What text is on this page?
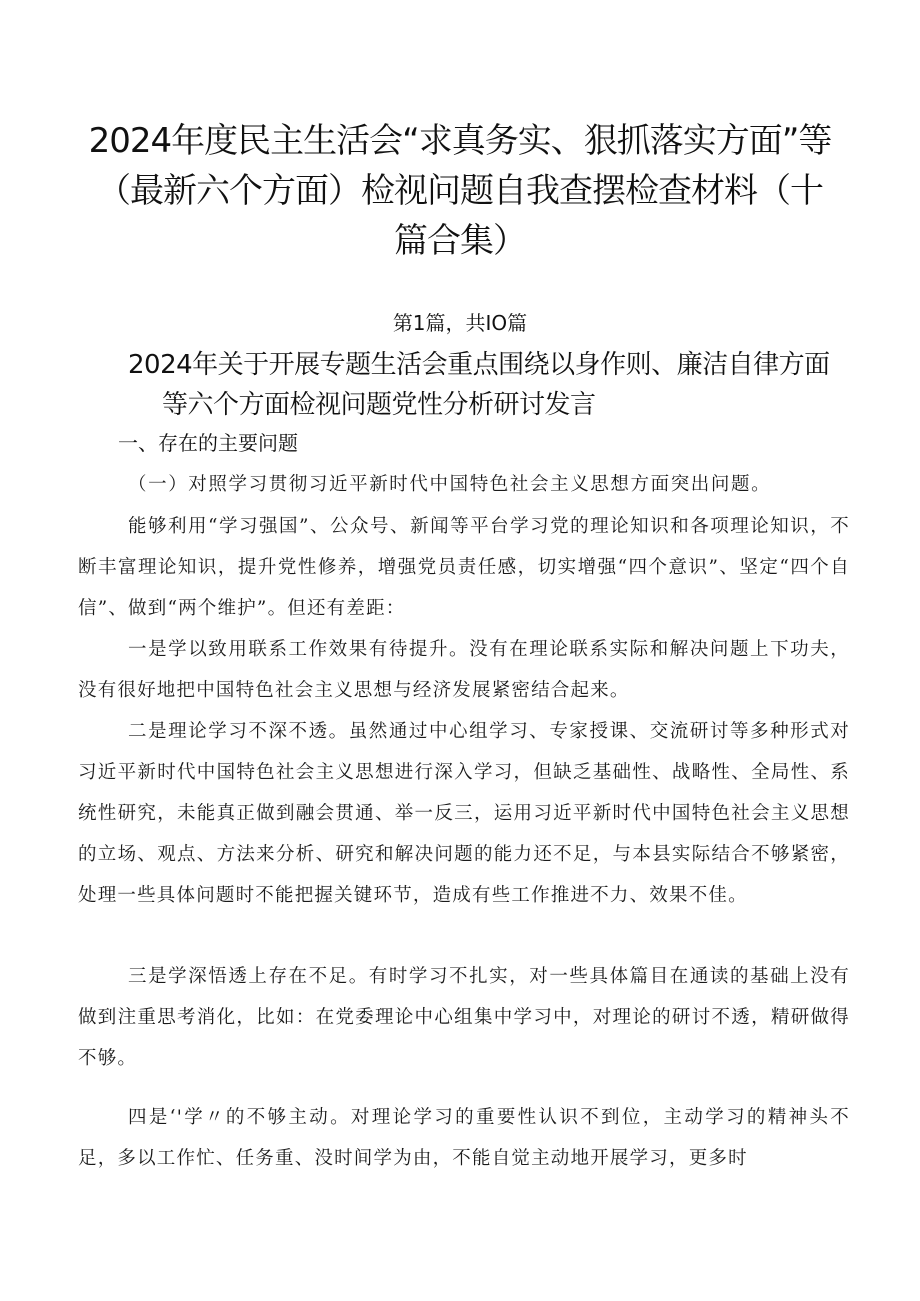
2024年度民主生活会“求真务实、狠抓落实方面”等
（最新六个方面）检视问题自我查摆检查材料（十
篇合集）
第1篇，共IO篇
2024年关于开展专题生活会重点围绕以身作则、廉洁自律方面
等六个方面检视问题党性分析研讨发言
一、存在的主要问题

（一）对照学习贯彻习近平新时代中国特色社会主义思想方面突出问题。

能够利用“学习强国”、公众号、新闻等平台学习党的理论知识和各项理论知识，不断丰富理论知识，提升党性修养，增强党员责任感，切实增强“四个意识”、坚定“四个自信”、做到“两个维护”。但还有差距：

一是学以致用联系工作效果有待提升。没有在理论联系实际和解决问题上下功夫，没有很好地把中国特色社会主义思想与经济发展紧密结合起来。

二是理论学习不深不透。虽然通过中心组学习、专家授课、交流研讨等多种形式对习近平新时代中国特色社会主义思想进行深入学习，但缺乏基础性、战略性、全局性、系统性研究，未能真正做到融会贯通、举一反三，运用习近平新时代中国特色社会主义思想的立场、观点、方法来分析、研究和解决问题的能力还不足，与本县实际结合不够紧密，处理一些具体问题时不能把握关键环节，造成有些工作推进不力、效果不佳。

三是学深悟透上存在不足。有时学习不扎实，对一些具体篇目在通读的基础上没有做到注重思考消化，比如：在党委理论中心组集中学习中，对理论的研讨不透，精研做得不够。

四是‘'学〃的不够主动。对理论学习的重要性认识不到位，主动学习的精神头不足，多以工作忙、任务重、没时间学为由，不能自觉主动地开展学习，更多时
